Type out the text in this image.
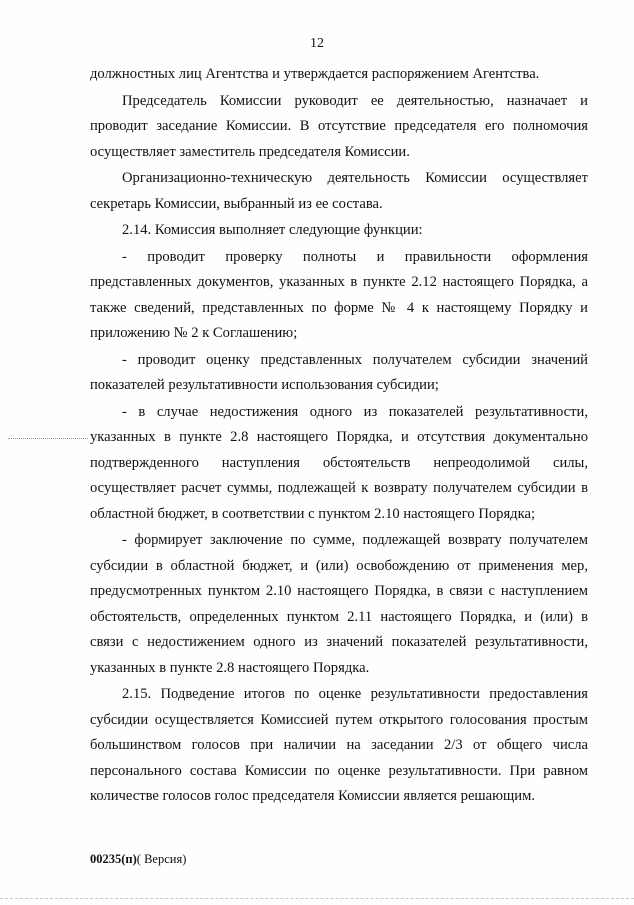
12

должностных лиц Агентства и утверждается распоряжением Агентства.

Председатель Комиссии руководит ее деятельностью, назначает и проводит заседание Комиссии. В отсутствие председателя его полномочия осуществляет заместитель председателя Комиссии.

Организационно-техническую деятельность Комиссии осуществляет секретарь Комиссии, выбранный из ее состава.

2.14. Комиссия выполняет следующие функции:

- проводит проверку полноты и правильности оформления представленных документов, указанных в пункте 2.12 настоящего Порядка, а также сведений, представленных по форме № 4 к настоящему Порядку и приложению № 2 к Соглашению;

- проводит оценку представленных получателем субсидии значений показателей результативности использования субсидии;

- в случае недостижения одного из показателей результативности, указанных в пункте 2.8 настоящего Порядка, и отсутствия документально подтвержденного наступления обстоятельств непреодолимой силы, осуществляет расчет суммы, подлежащей к возврату получателем субсидии в областной бюджет, в соответствии с пунктом 2.10 настоящего Порядка;

- формирует заключение по сумме, подлежащей возврату получателем субсидии в областной бюджет, и (или) освобождению от применения мер, предусмотренных пунктом 2.10 настоящего Порядка, в связи с наступлением обстоятельств, определенных пунктом 2.11 настоящего Порядка, и (или) в связи с недостижением одного из значений показателей результативности, указанных в пункте 2.8 настоящего Порядка.

2.15. Подведение итогов по оценке результативности предоставления субсидии осуществляется Комиссией путем открытого голосования простым большинством голосов при наличии на заседании 2/3 от общего числа персонального состава Комиссии по оценке результативности. При равном количестве голосов голос председателя Комиссии является решающим.

00235(п)( Версия)
